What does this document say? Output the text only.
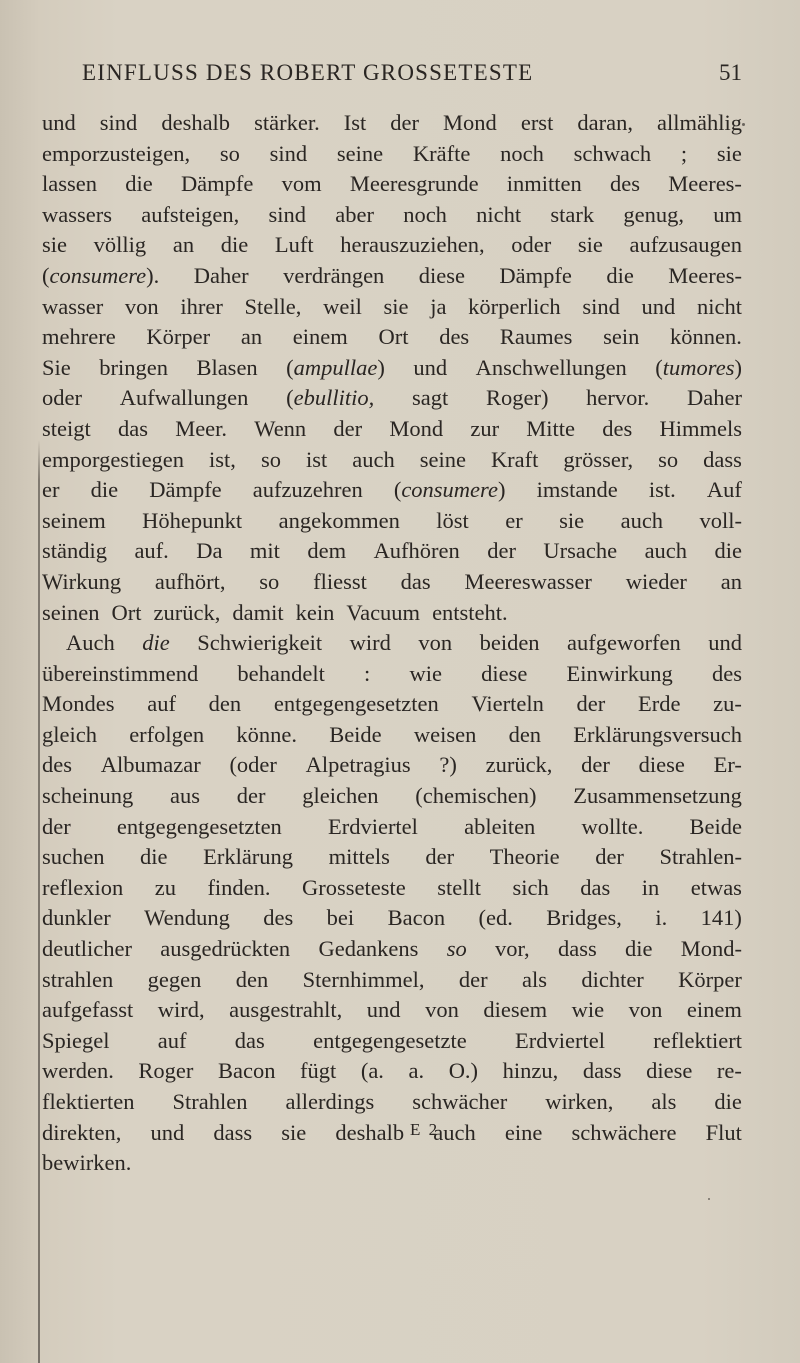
EINFLUSS DES ROBERT GROSSETESTE	51
und sind deshalb stärker. Ist der Mond erst daran, allmählig
emporzusteigen, so sind seine Kräfte noch schwach ; sie
lassen die Dämpfe vom Meeresgrunde inmitten des Meeres-
wassers aufsteigen, sind aber noch nicht stark genug, um
sie völlig an die Luft herauszuziehen, oder sie aufzusaugen
(consumere). Daher verdrängen diese Dämpfe die Meeres-
wasser von ihrer Stelle, weil sie ja körperlich sind und nicht
mehrere Körper an einem Ort des Raumes sein können.
Sie bringen Blasen (ampullae) und Anschwellungen (tumores)
oder Aufwallungen (ebullitio, sagt Roger) hervor. Daher
steigt das Meer. Wenn der Mond zur Mitte des Himmels
emporgestiegen ist, so ist auch seine Kraft grösser, so dass
er die Dämpfe aufzuzehren (consumere) imstande ist. Auf
seinem Höhepunkt angekommen löst er sie auch voll-
ständig auf. Da mit dem Aufhören der Ursache auch die
Wirkung aufhört, so fliesst das Meereswasser wieder an
seinen Ort zurück, damit kein Vacuum entsteht.
Auch die Schwierigkeit wird von beiden aufgeworfen und
übereinstimmend behandelt : wie diese Einwirkung des
Mondes auf den entgegengesetzten Vierteln der Erde zu-
gleich erfolgen könne. Beide weisen den Erklärungsversuch
des Albumazar (oder Alpetragius ?) zurück, der diese Er-
scheinung aus der gleichen (chemischen) Zusammensetzung
der entgegengesetzten Erdviertel ableiten wollte. Beide
suchen die Erklärung mittels der Theorie der Strahlen-
reflexion zu finden. Grosseteste stellt sich das in etwas
dunkler Wendung des bei Bacon (ed. Bridges, i. 141)
deutlicher ausgedrückten Gedankens so vor, dass die Mond-
strahlen gegen den Sternhimmel, der als dichter Körper
aufgefasst wird, ausgestrahlt, und von diesem wie von einem
Spiegel auf das entgegengesetzte Erdviertel reflektiert
werden. Roger Bacon fügt (a. a. O.) hinzu, dass diese re-
flektierten Strahlen allerdings schwächer wirken, als die
direkten, und dass sie deshalb auch eine schwächere Flut
bewirken.
E 2
